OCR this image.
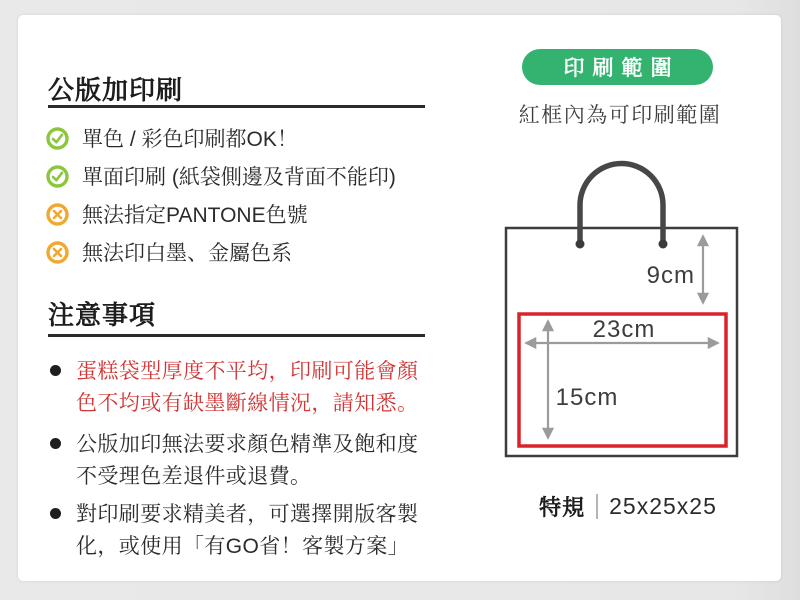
公版加印刷
單色 / 彩色印刷都OK！
單面印刷 (紙袋側邊及背面不能印)
無法指定PANTONE色號
無法印白墨、金屬色系
注意事項

蛋糕袋型厚度不平均，印刷可能會顏色不均或有缺墨斷線情況，請知悉。

公版加印無法要求顏色精準及飽和度不受理色差退件或退費。

對印刷要求精美者，可選擇開版客製化，或使用「有GO省！客製方案」

印刷範圍
紅框內為可印刷範圍
9cm
23cm
15cm
特規 25x25x25
